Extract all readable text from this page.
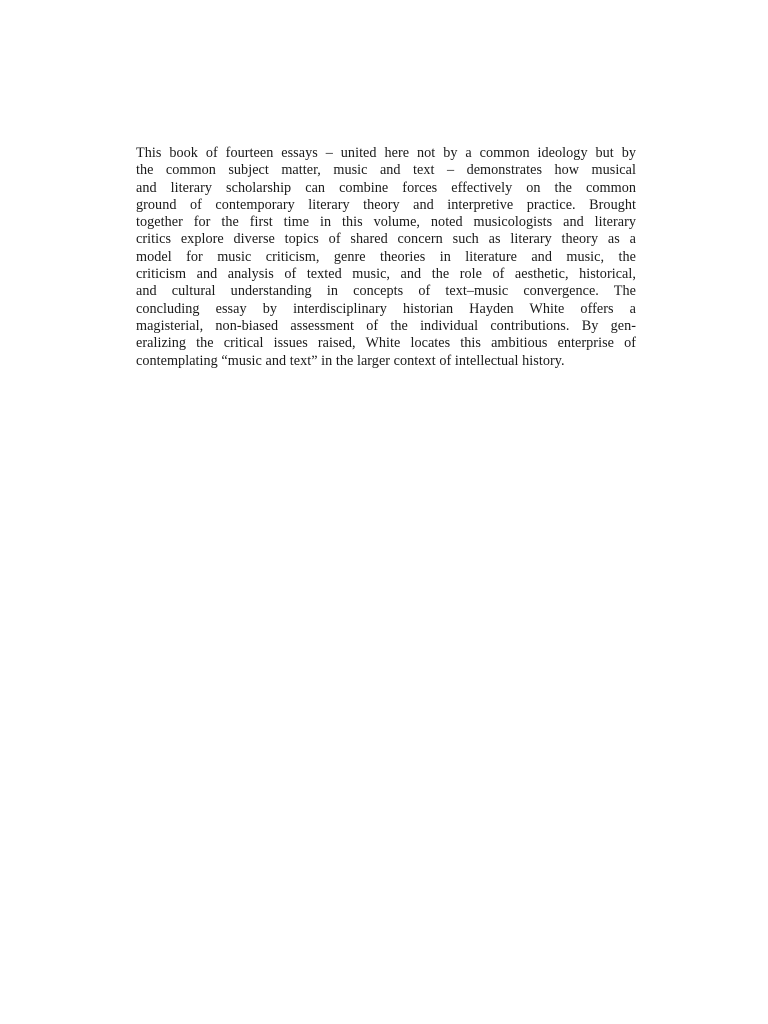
This book of fourteen essays – united here not by a common ideology but by
the common subject matter, music and text – demonstrates how musical
and literary scholarship can combine forces effectively on the common
ground of contemporary literary theory and interpretive practice. Brought
together for the first time in this volume, noted musicologists and literary
critics explore diverse topics of shared concern such as literary theory as a
model for music criticism, genre theories in literature and music, the
criticism and analysis of texted music, and the role of aesthetic, historical,
and cultural understanding in concepts of text–music convergence. The
concluding essay by interdisciplinary historian Hayden White offers a
magisterial, non-biased assessment of the individual contributions. By gen-
eralizing the critical issues raised, White locates this ambitious enterprise of
contemplating “music and text” in the larger context of intellectual history.
